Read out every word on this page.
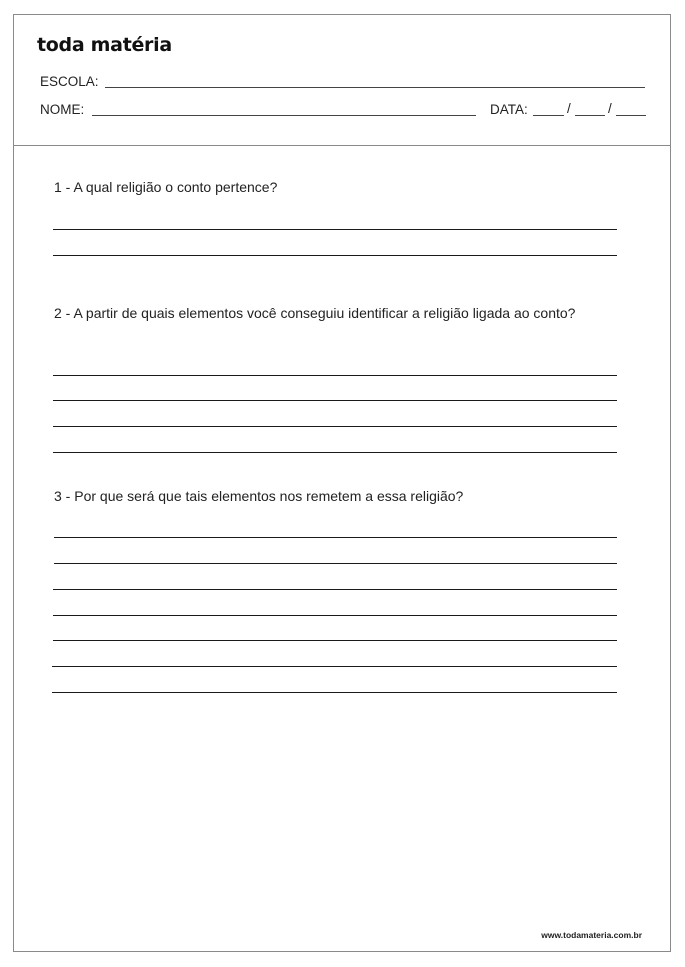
toda matéria
ESCOLA:
NOME:	DATA:	/	/
1 - A qual religião o conto pertence?
2 - A partir de quais elementos você conseguiu identificar a religião ligada ao conto?
3 - Por que será que tais elementos nos remetem a essa religião?
www.todamateria.com.br
